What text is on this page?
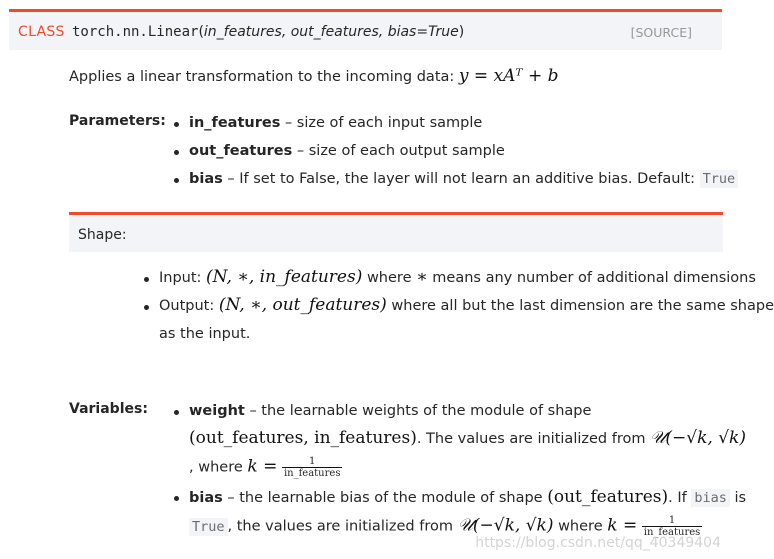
CLASS torch.nn.Linear(in_features, out_features, bias=True)	[SOURCE]
Applies a linear transformation to the incoming data: y = xAᵀ + b
Parameters: in_features – size of each input sample
out_features – size of each output sample
bias – If set to False, the layer will not learn an additive bias. Default: True
Shape:
Input: (N, ∗, in_features) where ∗ means any number of additional dimensions
Output: (N, ∗, out_features) where all but the last dimension are the same shape
as the input.
Variables:	weight – the learnable weights of the module of shape
(out_features, in_features). The values are initialized from 𝒰(−√k, √k)
, where $k = \frac{1}{\text{in\_features}}$
bias – the learnable bias of the module of shape (out_features). If bias is
True , the values are initialized from 𝒰(−√k, √k) where $k = \frac{1}{\text{in\_features}}$
https://blog.csdn.net/qq_40349404
